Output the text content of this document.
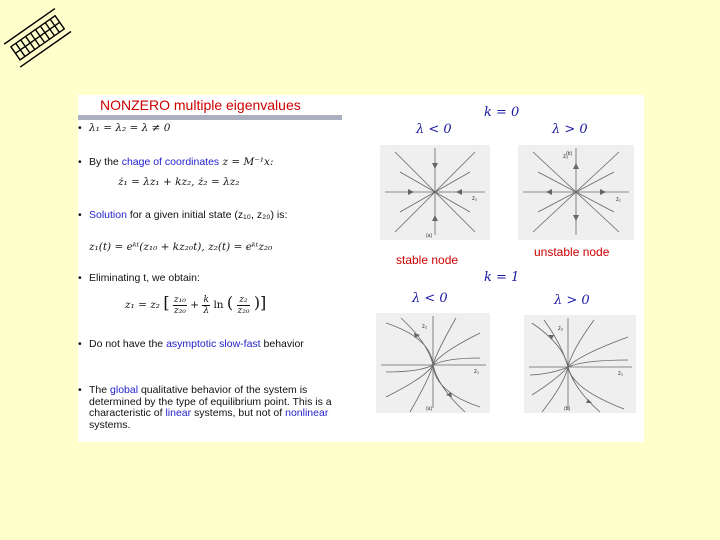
NONZERO multiple eigenvalues
• λ₁ = λ₂ = λ ≠ 0
• By the chage of coordinates z = M⁻¹x:
ż₁ = λz₁ + kz₂, ż₂ = λz₂
• Solution for a given initial state (z₁₀, z₂₀) is:
z₁(t) = eᵏᵗ(z₁₀ + kz₂₀t), z₂(t) = eᵏᵗz₂₀
• Eliminating t, we obtain:
z₁ = z₂ [ $\frac{\text{z₁₀}}{\text{z₂₀}} + \frac{k}{\lambda}$ ln ( $\frac{\text{z₂}}{\text{z₂₀}}$ )]
• Do not have the asymptotic slow-fast behavior
• The global qualitative behavior of the system is determined by the type of equilibrium point. This is a characteristic of linear systems, but not of nonlinear systems.
k = 0
λ < 0	λ > 0
z₁
(a)
z₂
z₁
(b)
stable node
unstable node
k = 1
λ < 0	λ > 0
z₂
z₁
(a)
z₂
z₁
(b)
